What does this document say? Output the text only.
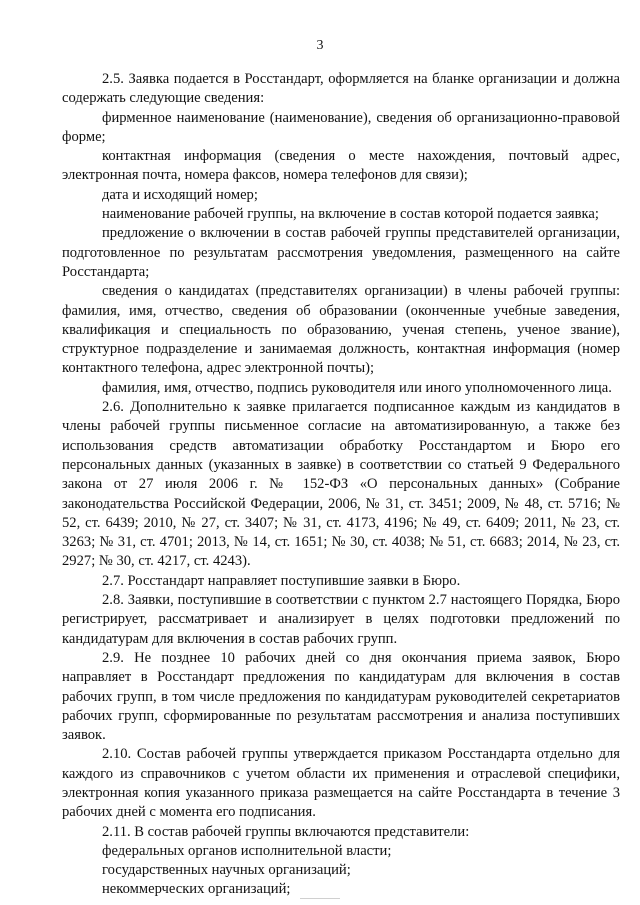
3

2.5. Заявка подается в Росстандарт, оформляется на бланке организации и должна содержать следующие сведения:

фирменное наименование (наименование), сведения об организационно-правовой форме;

контактная информация (сведения о месте нахождения, почтовый адрес, электронная почта, номера факсов, номера телефонов для связи);

дата и исходящий номер;

наименование рабочей группы, на включение в состав которой подается заявка;

предложение о включении в состав рабочей группы представителей организации, подготовленное по результатам рассмотрения уведомления, размещенного на сайте Росстандарта;

сведения о кандидатах (представителях организации) в члены рабочей группы: фамилия, имя, отчество, сведения об образовании (оконченные учебные заведения, квалификация и специальность по образованию, ученая степень, ученое звание), структурное подразделение и занимаемая должность, контактная информация (номер контактного телефона, адрес электронной почты);

фамилия, имя, отчество, подпись руководителя или иного уполномоченного лица.

2.6. Дополнительно к заявке прилагается подписанное каждым из кандидатов в члены рабочей группы письменное согласие на автоматизированную, а также без использования средств автоматизации обработку Росстандартом и Бюро его персональных данных (указанных в заявке) в соответствии со статьей 9 Федерального закона от 27 июля 2006 г. № 152-ФЗ «О персональных данных» (Собрание законодательства Российской Федерации, 2006, № 31, ст. 3451; 2009, № 48, ст. 5716; № 52, ст. 6439; 2010, № 27, ст. 3407; № 31, ст. 4173, 4196; № 49, ст. 6409; 2011, № 23, ст. 3263; № 31, ст. 4701; 2013, № 14, ст. 1651; № 30, ст. 4038; № 51, ст. 6683; 2014, № 23, ст. 2927; № 30, ст. 4217, ст. 4243).

2.7. Росстандарт направляет поступившие заявки в Бюро.

2.8. Заявки, поступившие в соответствии с пунктом 2.7 настоящего Порядка, Бюро регистрирует, рассматривает и анализирует в целях подготовки предложений по кандидатурам для включения в состав рабочих групп.

2.9. Не позднее 10 рабочих дней со дня окончания приема заявок, Бюро направляет в Росстандарт предложения по кандидатурам для включения в состав рабочих групп, в том числе предложения по кандидатурам руководителей секретариатов рабочих групп, сформированные по результатам рассмотрения и анализа поступивших заявок.

2.10. Состав рабочей группы утверждается приказом Росстандарта отдельно для каждого из справочников с учетом области их применения и отраслевой специфики, электронная копия указанного приказа размещается на сайте Росстандарта в течение 3 рабочих дней с момента его подписания.

2.11. В состав рабочей группы включаются представители:

федеральных органов исполнительной власти;

государственных научных организаций;

некоммерческих организаций;
